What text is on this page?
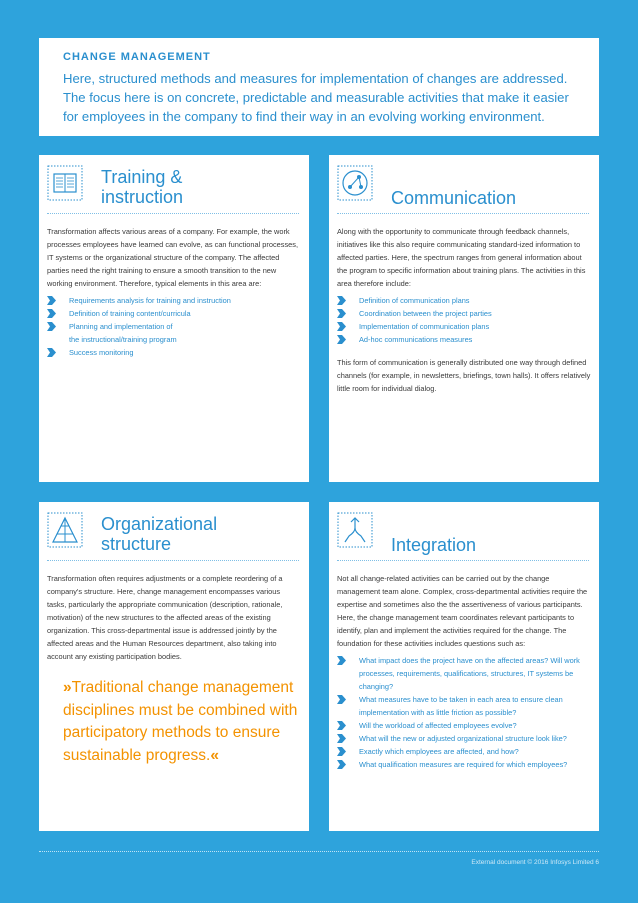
CHANGE MANAGEMENT
Here, structured methods and measures for implementation of changes are addressed. The focus here is on concrete, predictable and measurable activities that make it easier for employees in the company to find their way in an evolving working environment.
Training &
instruction

Transformation affects various areas of a company. For example, the work processes employees have learned can evolve, as can functional processes, IT systems or the organizational structure of the company. The affected parties need the right training to ensure a smooth transition to the new working environment. Therefore, typical elements in this area are:

Requirements analysis for training and instruction
Definition of training content/curricula
Planning and implementation of
the instructional/training program
Success monitoring
Communication

Along with the opportunity to communicate through feedback channels, initiatives like this also require communicating standard-ized information to affected parties. Here, the spectrum ranges from general information about the program to specific information about training plans. The activities in this area therefore include:

Definition of communication plans
Coordination between the project parties
Implementation of communication plans
Ad-hoc communications measures

This form of communication is generally distributed one way through defined channels (for example, in newsletters, briefings, town halls). It offers relatively little room for individual dialog.

Organizational
structure

Transformation often requires adjustments or a complete reordering of a company's structure. Here, change management encompasses various tasks, particularly the appropriate communication (description, rationale, motivation) of the new structures to the affected areas of the existing organization. This cross-departmental issue is addressed jointly by the affected areas and the Human Resources department, also taking into account any existing participation bodies.

»Traditional change management disciplines must be combined with participatory methods to ensure sustainable progress.«
Integration

Not all change-related activities can be carried out by the change management team alone. Complex, cross-departmental activities require the expertise and sometimes also the the assertiveness of various participants. Here, the change management team coordinates relevant participants to identify, plan and implement the activities required for the change. The foundation for these activities includes questions such as:

What impact does the project have on the affected areas? Will work processes, requirements, qualifications, structures, IT systems be changing?
What measures have to be taken in each area to ensure clean implementation with as little friction as possible?
Will the workload of affected employees evolve?
What will the new or adjusted organizational structure look like?
Exactly which employees are affected, and how?
What qualification measures are required for which employees?
External document © 2016 Infosys Limited 6
